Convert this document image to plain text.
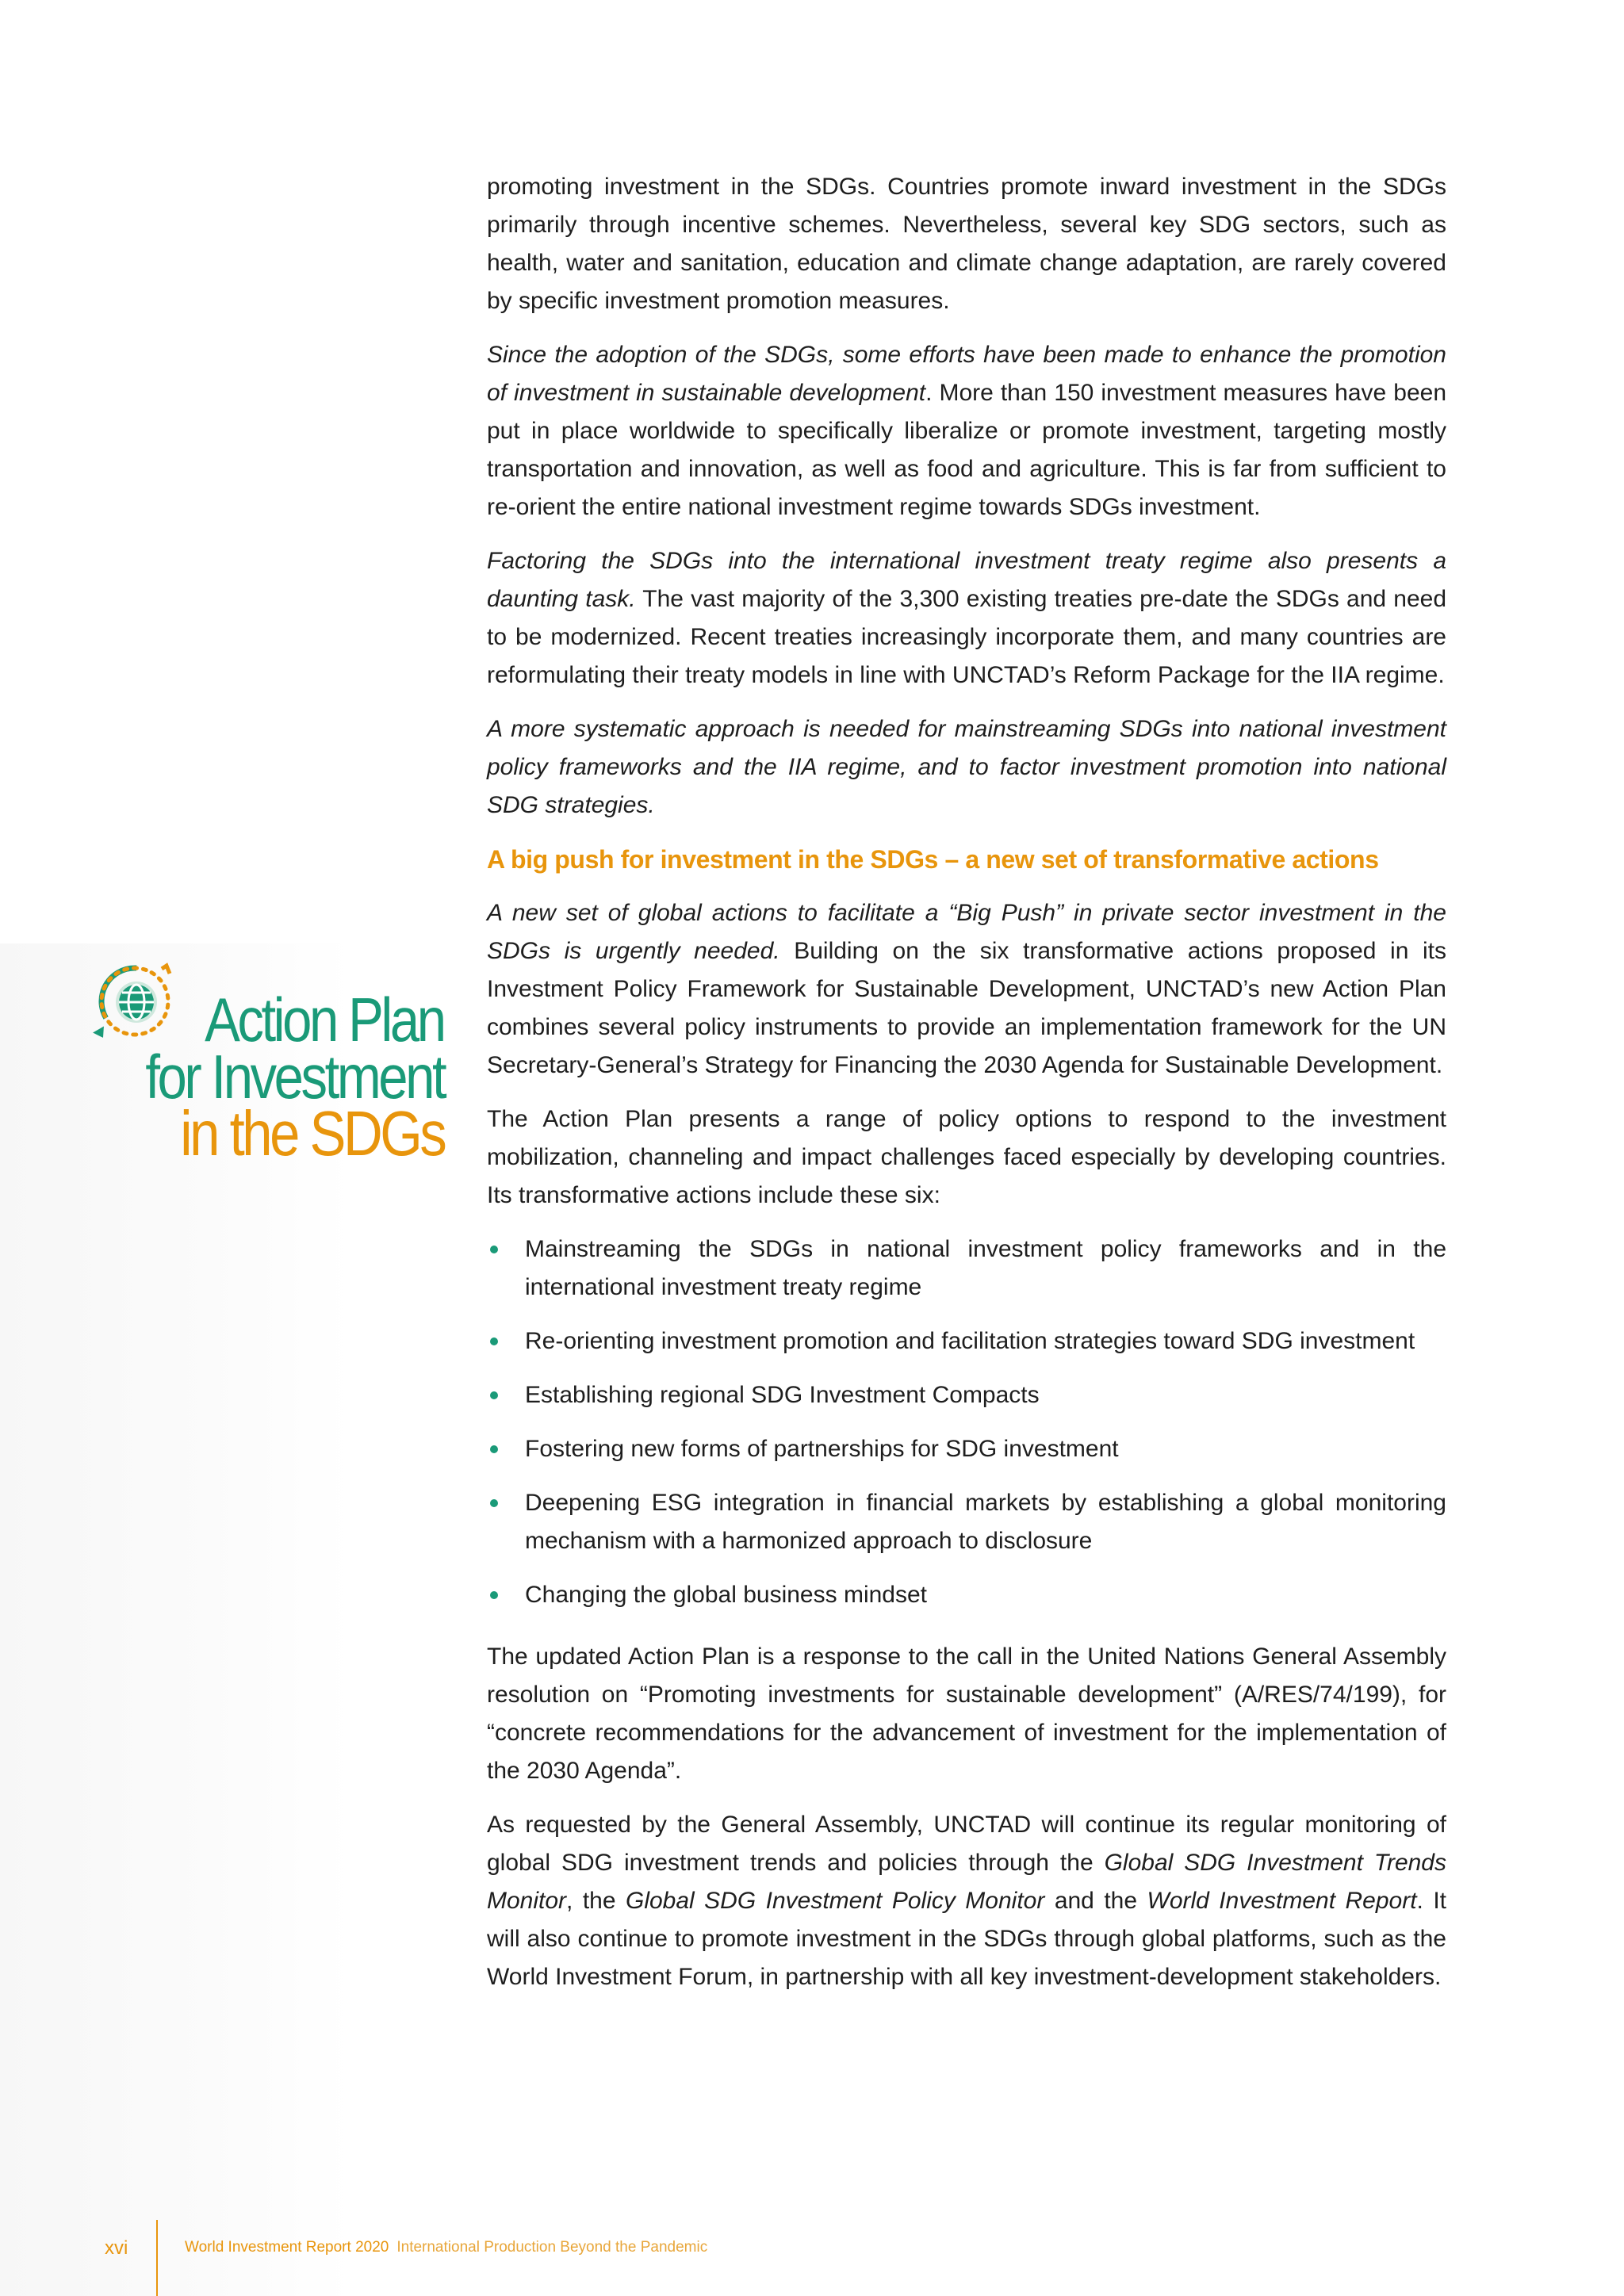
Action Plan
for Investment
in the SDGs

promoting investment in the SDGs. Countries promote inward investment in the SDGs primarily through incentive schemes. Nevertheless, several key SDG sectors, such as health, water and sanitation, education and climate change adaptation, are rarely covered by specific investment promotion measures.

Since the adoption of the SDGs, some efforts have been made to enhance the promotion of investment in sustainable development. More than 150 investment measures have been put in place worldwide to specifically liberalize or promote investment, targeting mostly transportation and innovation, as well as food and agriculture. This is far from sufficient to re-orient the entire national investment regime towards SDGs investment.

Factoring the SDGs into the international investment treaty regime also presents a daunting task. The vast majority of the 3,300 existing treaties pre-date the SDGs and need to be modernized. Recent treaties increasingly incorporate them, and many countries are reformulating their treaty models in line with UNCTAD’s Reform Package for the IIA regime.

A more systematic approach is needed for mainstreaming SDGs into national investment policy frameworks and the IIA regime, and to factor investment promotion into national SDG strategies.

A big push for investment in the SDGs – a new set of transformative actions

A new set of global actions to facilitate a “Big Push” in private sector investment in the SDGs is urgently needed. Building on the six transformative actions proposed in its Investment Policy Framework for Sustainable Development, UNCTAD’s new Action Plan combines several policy instruments to provide an implementation framework for the UN Secretary-General’s Strategy for Financing the 2030 Agenda for Sustainable Development.

The Action Plan presents a range of policy options to respond to the investment mobilization, channeling and impact challenges faced especially by developing countries. Its transformative actions include these six:

Mainstreaming the SDGs in national investment policy frameworks and in the international investment treaty regime
Re-orienting investment promotion and facilitation strategies toward SDG investment
Establishing regional SDG Investment Compacts
Fostering new forms of partnerships for SDG investment
Deepening ESG integration in financial markets by establishing a global monitoring mechanism with a harmonized approach to disclosure
Changing the global business mindset

The updated Action Plan is a response to the call in the United Nations General Assembly resolution on “Promoting investments for sustainable development” (A/RES/74/199), for “concrete recommendations for the advancement of investment for the implementation of the 2030 Agenda”.

As requested by the General Assembly, UNCTAD will continue its regular monitoring of global SDG investment trends and policies through the Global SDG Investment Trends Monitor, the Global SDG Investment Policy Monitor and the World Investment Report. It will also continue to promote investment in the SDGs through global platforms, such as the World Investment Forum, in partnership with all key investment-development stakeholders.

xvi	World Investment Report 2020 International Production Beyond the Pandemic
